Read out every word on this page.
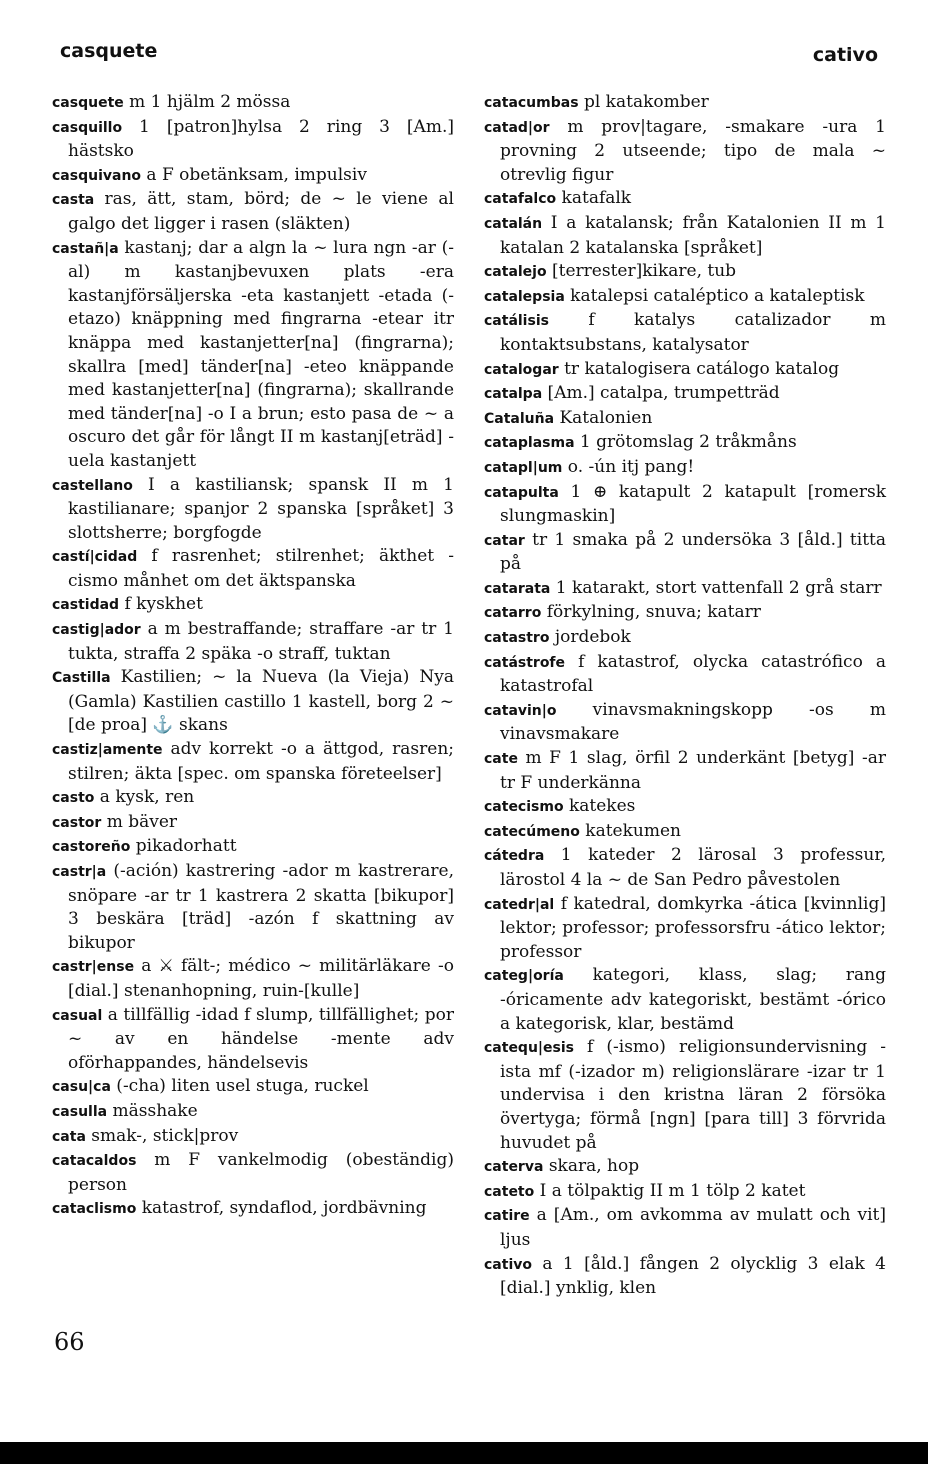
casquete	cativo

casquete m 1 hjälm 2 mössa

casquillo 1 [patron]hylsa 2 ring 3 [Am.] hästsko

casquivano a F obetänksam, impulsiv

casta ras, ätt, stam, börd; de ~ le viene al galgo det ligger i rasen (släkten)

castañ|a kastanj; dar a algn la ~ lura ngn -ar (-al) m kastanjbevuxen plats -era kastanjförsäljerska -eta kastanjett -etada (-etazo) knäppning med fingrarna -etear itr knäppa med kastanjetter[na] (fingrarna); skallra [med] tänder[na] -eteo knäppande med kastanjetter[na] (fingrarna); skallrande med tänder[na] -o I a brun; esto pasa de ~ a oscuro det går för långt II m kastanj[eträd] -uela kastanjett

castellano I a kastiliansk; spansk II m 1 kastilianare; spanjor 2 spanska [språket] 3 slottsherre; borgfogde

castí|cidad f rasrenhet; stilrenhet; äkthet -cismo månhet om det äktspanska

castidad f kyskhet

castig|ador a m bestraffande; straffare -ar tr 1 tukta, straffa 2 späka -o straff, tuktan

Castilla Kastilien; ~ la Nueva (la Vieja) Nya (Gamla) Kastilien castillo 1 kastell, borg 2 ~ [de proa] ⚓ skans

castiz|amente adv korrekt -o a ättgod, rasren; stilren; äkta [spec. om spanska företeelser]

casto a kysk, ren

castor m bäver

castoreño pikadorhatt

castr|a (-ación) kastrering -ador m kastrerare, snöpare -ar tr 1 kastrera 2 skatta [bikupor] 3 beskära [träd] -azón f skattning av bikupor

castr|ense a ⚔ fält-; médico ~ militärläkare -o [dial.] stenanhopning, ruin-[kulle]

casual a tillfällig -idad f slump, tillfällighet; por ~ av en händelse -mente adv oförhappandes, händelsevis

casu|ca (-cha) liten usel stuga, ruckel

casulla mässhake

cata smak-, stick|prov

catacaldos m F vankelmodig (obeständig) person

cataclismo katastrof, syndaflod, jordbävning

catacumbas pl katakomber

catad|or m prov|tagare, -smakare -ura 1 provning 2 utseende; tipo de mala ~ otrevlig figur

catafalco katafalk

catalán I a katalansk; från Katalonien II m 1 katalan 2 katalanska [språket]

catalejo [terrester]kikare, tub

catalepsia katalepsi cataléptico a kataleptisk

catálisis f katalys catalizador m kontaktsubstans, katalysator

catalogar tr katalogisera catálogo katalog

catalpa [Am.] catalpa, trumpetträd

Cataluña Katalonien

cataplasma 1 grötomslag 2 tråkmåns

catapl|um o. -ún itj pang!

catapulta 1 ⊕ katapult 2 katapult [romersk slungmaskin]

catar tr 1 smaka på 2 undersöka 3 [åld.] titta på

catarata 1 katarakt, stort vattenfall 2 grå starr

catarro förkylning, snuva; katarr

catastro jordebok

catástrofe f katastrof, olycka catastrófico a katastrofal

catavin|o vinavsmakningskopp -os m vinavsmakare

cate m F 1 slag, örfil 2 underkänt [betyg] -ar tr F underkänna

catecismo katekes

catecúmeno katekumen

cátedra 1 kateder 2 lärosal 3 professur, lärostol 4 la ~ de San Pedro påvestolen

catedr|al f katedral, domkyrka -ática [kvinnlig] lektor; professor; professorsfru -ático lektor; professor

categ|oría kategori, klass, slag; rang -óricamente adv kategoriskt, bestämt -órico a kategorisk, klar, bestämd

catequ|esis f (-ismo) religionsundervisning -ista mf (-izador m) religionslärare -izar tr 1 undervisa i den kristna läran 2 försöka övertyga; förmå [ngn] [para till] 3 förvrida huvudet på

caterva skara, hop

cateto I a tölpaktig II m 1 tölp 2 katet

catire a [Am., om avkomma av mulatt och vit] ljus

cativo a 1 [åld.] fången 2 olycklig 3 elak 4 [dial.] ynklig, klen

66
